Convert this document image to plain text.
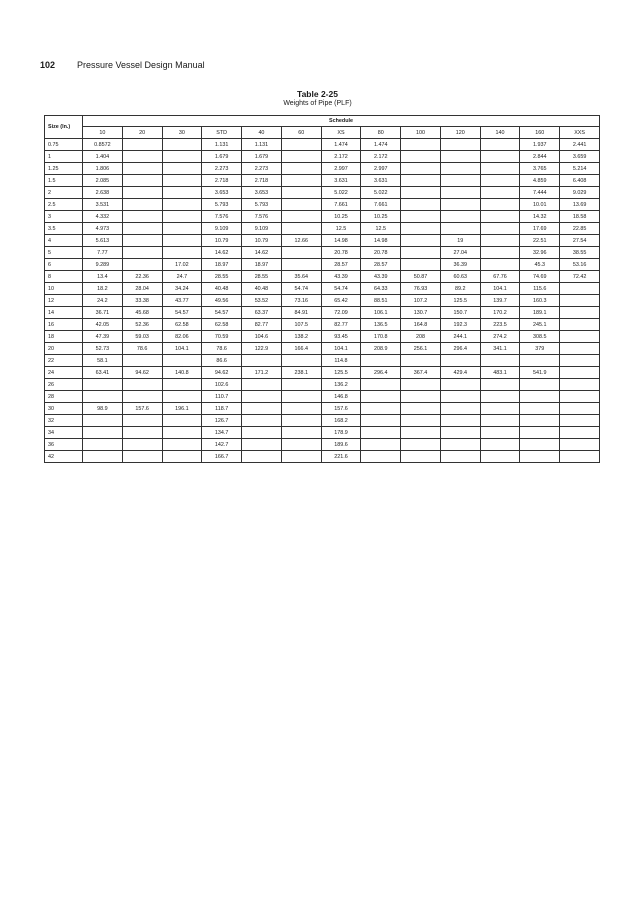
102 Pressure Vessel Design Manual
Table 2-25
Weights of Pipe (PLF)
Size (In.)	Schedule												
	10	20	30	STD	40	60	XS	80	100	120	140	160	XXS
0.75	0.8572			1.131	1.131		1.474	1.474				1.937	2.441
1	1.404			1.679	1.679		2.172	2.172				2.844	3.659
1.25	1.806			2.273	2.273		2.997	2.997				3.765	5.214
1.5	2.085			2.718	2.718		3.631	3.631				4.859	6.408
2	2.638			3.653	3.653		5.022	5.022				7.444	9.029
2.5	3.531			5.793	5.793		7.661	7.661				10.01	13.69
3	4.332			7.576	7.576		10.25	10.25				14.32	18.58
3.5	4.973			9.109	9.109		12.5	12.5				17.69	22.85
4	5.613			10.79	10.79	12.66	14.98	14.98		19		22.51	27.54
5	7.77			14.62	14.62		20.78	20.78		27.04		32.96	38.55
6	9.289		17.02	18.97	18.97		28.57	28.57		36.39		45.3	53.16
8	13.4	22.36	24.7	28.55	28.55	35.64	43.39	43.39	50.87	60.63	67.76	74.69	72.42
10	18.2	28.04	34.24	40.48	40.48	54.74	54.74	64.33	76.93	89.2	104.1	115.6	
12	24.2	33.38	43.77	49.56	53.52	73.16	65.42	88.51	107.2	125.5	139.7	160.3	
14	36.71	45.68	54.57	54.57	63.37	84.91	72.09	106.1	130.7	150.7	170.2	189.1	
16	42.05	52.36	62.58	62.58	82.77	107.5	82.77	136.5	164.8	192.3	223.5	245.1	
18	47.39	59.03	82.06	70.59	104.6	138.2	93.45	170.8	208	244.1	274.2	308.5	
20	52.73	78.6	104.1	78.6	122.9	166.4	104.1	208.9	256.1	296.4	341.1	379	
22	58.1			86.6			114.8						
24	63.41	94.62	140.8	94.62	171.2	238.1	125.5	296.4	367.4	429.4	483.1	541.9	
26				102.6			136.2						
28				110.7			146.8						
30	98.9	157.6	196.1	118.7			157.6						
32				126.7			168.2						
34				134.7			178.9						
36				142.7			189.6						
42				166.7			221.6						
